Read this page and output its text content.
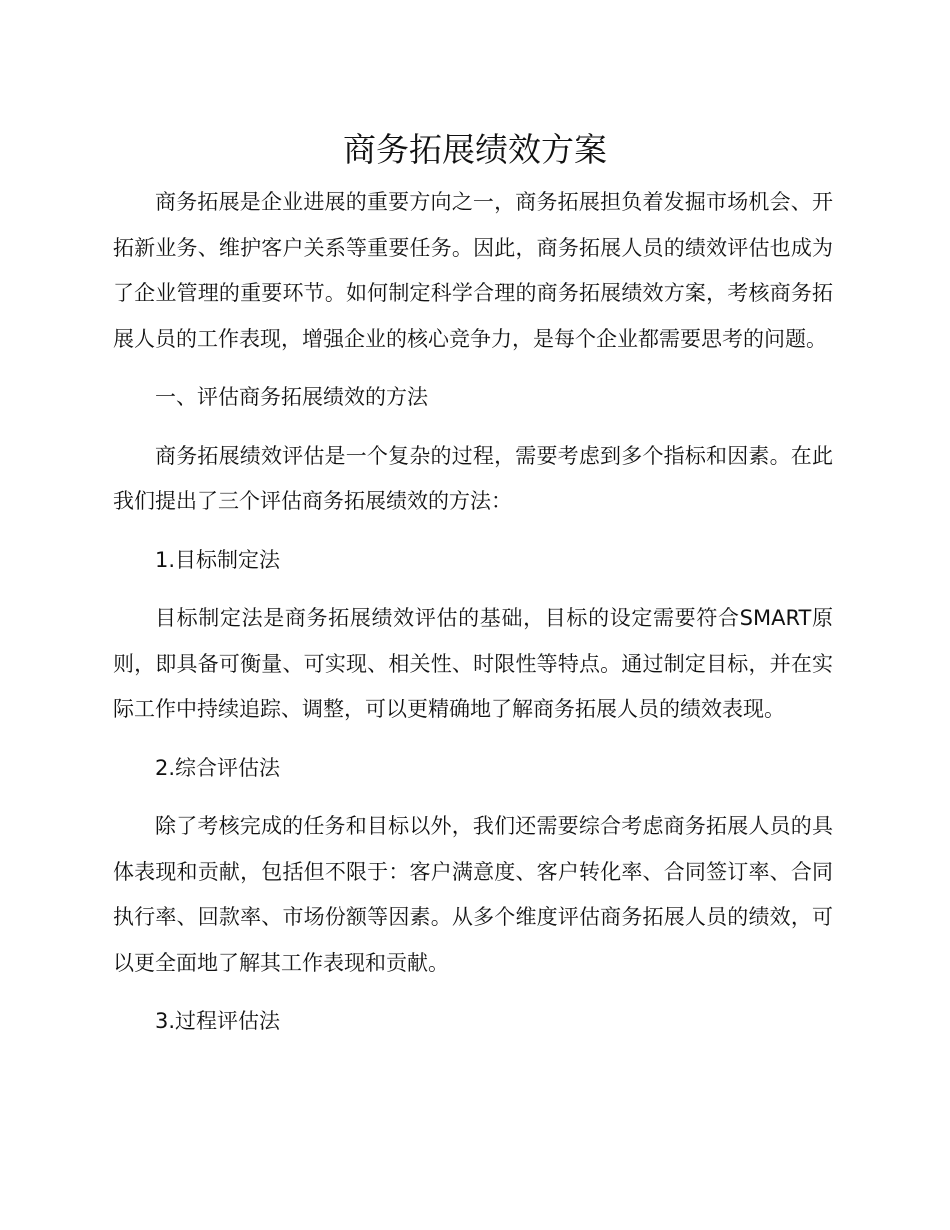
商务拓展绩效方案

商务拓展是企业进展的重要方向之一，商务拓展担负着发掘市场机会、开拓新业务、维护客户关系等重要任务。因此，商务拓展人员的绩效评估也成为了企业管理的重要环节。如何制定科学合理的商务拓展绩效方案，考核商务拓展人员的工作表现，增强企业的核心竞争力，是每个企业都需要思考的问题。

一、评估商务拓展绩效的方法

商务拓展绩效评估是一个复杂的过程，需要考虑到多个指标和因素。在此我们提出了三个评估商务拓展绩效的方法：

1.目标制定法

目标制定法是商务拓展绩效评估的基础，目标的设定需要符合SMART原则，即具备可衡量、可实现、相关性、时限性等特点。通过制定目标，并在实际工作中持续追踪、调整，可以更精确地了解商务拓展人员的绩效表现。

2.综合评估法

除了考核完成的任务和目标以外，我们还需要综合考虑商务拓展人员的具体表现和贡献，包括但不限于：客户满意度、客户转化率、合同签订率、合同执行率、回款率、市场份额等因素。从多个维度评估商务拓展人员的绩效，可以更全面地了解其工作表现和贡献。

3.过程评估法
